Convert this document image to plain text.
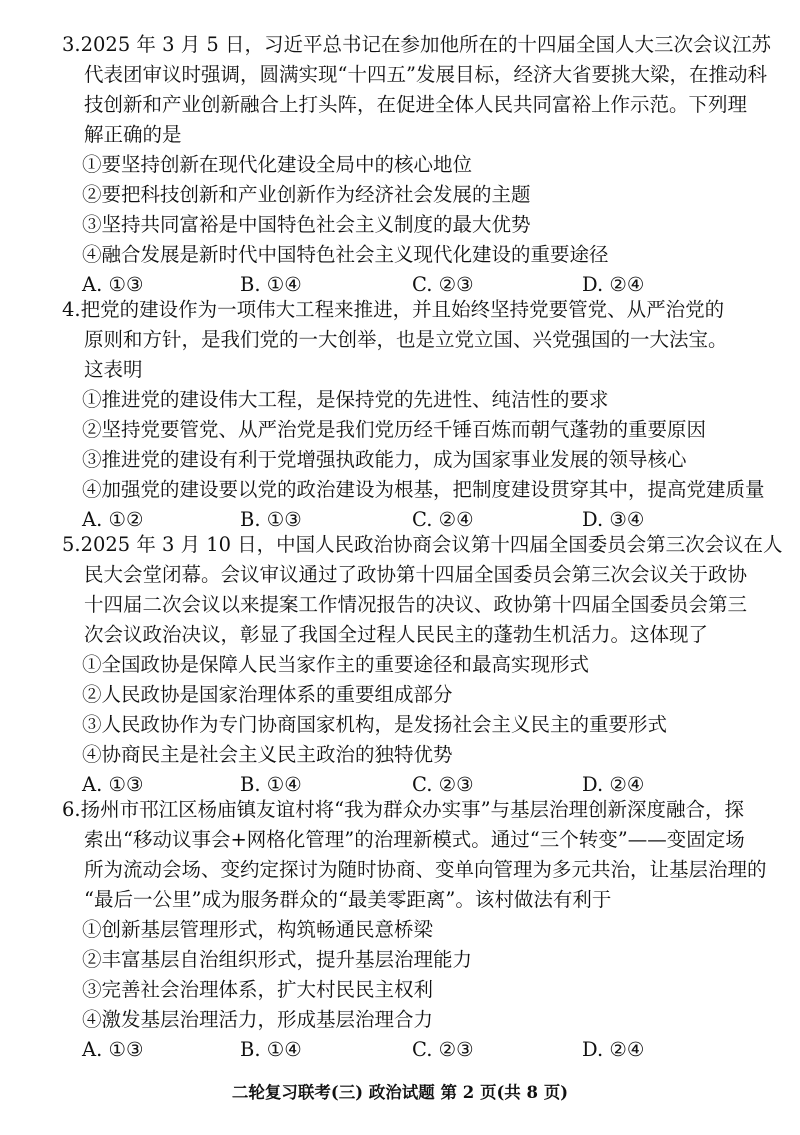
3.2025 年 3 月 5 日，习近平总书记在参加他所在的十四届全国人大三次会议江苏
代表团审议时强调，圆满实现“十四五”发展目标，经济大省要挑大梁，在推动科
技创新和产业创新融合上打头阵，在促进全体人民共同富裕上作示范。下列理
解正确的是
①要坚持创新在现代化建设全局中的核心地位
②要把科技创新和产业创新作为经济社会发展的主题
③坚持共同富裕是中国特色社会主义制度的最大优势
④融合发展是新时代中国特色社会主义现代化建设的重要途径
A. ①③	B. ①④	C. ②③	D. ②④
4.把党的建设作为一项伟大工程来推进，并且始终坚持党要管党、从严治党的
原则和方针，是我们党的一大创举，也是立党立国、兴党强国的一大法宝。
这表明
①推进党的建设伟大工程，是保持党的先进性、纯洁性的要求
②坚持党要管党、从严治党是我们党历经千锤百炼而朝气蓬勃的重要原因
③推进党的建设有利于党增强执政能力，成为国家事业发展的领导核心
④加强党的建设要以党的政治建设为根基，把制度建设贯穿其中，提高党建质量
A. ①②	B. ①③	C. ②④	D. ③④
5.2025 年 3 月 10 日，中国人民政治协商会议第十四届全国委员会第三次会议在人
民大会堂闭幕。会议审议通过了政协第十四届全国委员会第三次会议关于政协
十四届二次会议以来提案工作情况报告的决议、政协第十四届全国委员会第三
次会议政治决议，彰显了我国全过程人民民主的蓬勃生机活力。这体现了
①全国政协是保障人民当家作主的重要途径和最高实现形式
②人民政协是国家治理体系的重要组成部分
③人民政协作为专门协商国家机构，是发扬社会主义民主的重要形式
④协商民主是社会主义民主政治的独特优势
A. ①③	B. ①④	C. ②③	D. ②④
6.扬州市邗江区杨庙镇友谊村将“我为群众办实事”与基层治理创新深度融合，探
索出“移动议事会+网格化管理”的治理新模式。通过“三个转变”——变固定场
所为流动会场、变约定探讨为随时协商、变单向管理为多元共治，让基层治理的
“最后一公里”成为服务群众的“最美零距离”。该村做法有利于
①创新基层管理形式，构筑畅通民意桥梁
②丰富基层自治组织形式，提升基层治理能力
③完善社会治理体系，扩大村民民主权利
④激发基层治理活力，形成基层治理合力
A. ①③	B. ①④	C. ②③	D. ②④
二轮复习联考(三) 政治试题 第 2 页(共 8 页)
